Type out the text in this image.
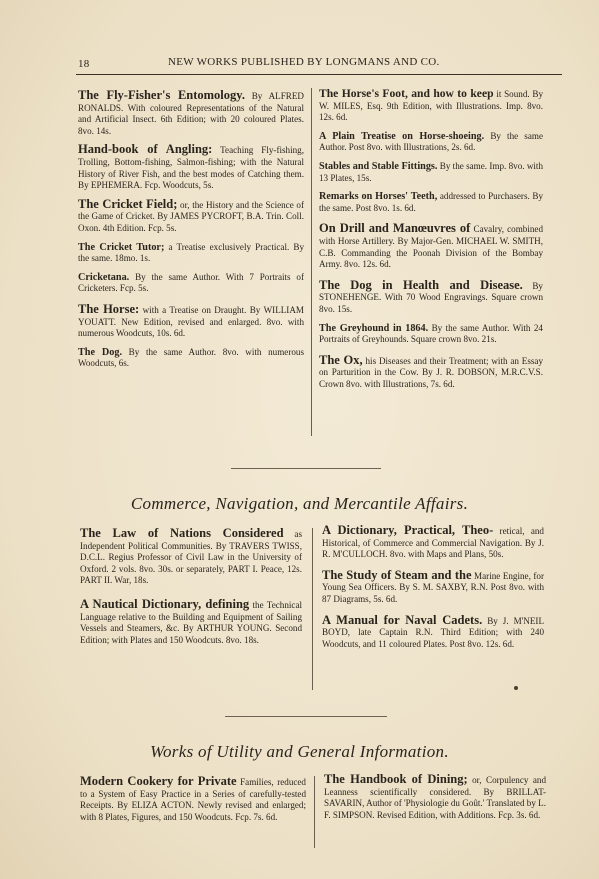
18	NEW WORKS PUBLISHED BY LONGMANS AND CO.
The Fly-Fisher's Entomology. By ALFRED RONALDS. With coloured Representations of the Natural and Artificial Insect. 6th Edition; with 20 coloured Plates. 8vo. 14s.
Hand-book of Angling: Teaching Fly-fishing, Trolling, Bottom-fishing, Salmon-fishing; with the Natural History of River Fish, and the best modes of Catching them. By EPHEMERA. Fcp. Woodcuts, 5s.
The Cricket Field; or, the History and the Science of the Game of Cricket. By JAMES PYCROFT, B.A. Trin. Coll. Oxon. 4th Edition. Fcp. 5s.
The Cricket Tutor; a Treatise exclusively Practical. By the same. 18mo. 1s.
Cricketana. By the same Author. With 7 Portraits of Cricketers. Fcp. 5s.
The Horse: with a Treatise on Draught. By WILLIAM YOUATT. New Edition, revised and enlarged. 8vo. with numerous Woodcuts, 10s. 6d.
The Dog. By the same Author. 8vo. with numerous Woodcuts, 6s.
The Horse's Foot, and how to keep it Sound. By W. MILES, Esq. 9th Edition, with Illustrations. Imp. 8vo. 12s. 6d.
A Plain Treatise on Horse-shoeing. By the same Author. Post 8vo. with Illustrations, 2s. 6d.
Stables and Stable Fittings. By the same. Imp. 8vo. with 13 Plates, 15s.
Remarks on Horses' Teeth, addressed to Purchasers. By the same. Post 8vo. 1s. 6d.
On Drill and Manœuvres of Cavalry, combined with Horse Artillery. By Major-Gen. MICHAEL W. SMITH, C.B. Commanding the Poonah Division of the Bombay Army. 8vo. 12s. 6d.
The Dog in Health and Disease. By STONEHENGE. With 70 Wood Engravings. Square crown 8vo. 15s.
The Greyhound in 1864. By the same Author. With 24 Portraits of Greyhounds. Square crown 8vo. 21s.
The Ox, his Diseases and their Treatment; with an Essay on Parturition in the Cow. By J. R. DOBSON, M.R.C.V.S. Crown 8vo. with Illustrations, 7s. 6d.
Commerce, Navigation, and Mercantile Affairs.
The Law of Nations Considered as Independent Political Communities. By TRAVERS TWISS, D.C.L. Regius Professor of Civil Law in the University of Oxford. 2 vols. 8vo. 30s. or separately, PART I. Peace, 12s. PART II. War, 18s.
A Nautical Dictionary, defining the Technical Language relative to the Building and Equipment of Sailing Vessels and Steamers, &c. By ARTHUR YOUNG. Second Edition; with Plates and 150 Woodcuts. 8vo. 18s.
A Dictionary, Practical, Theo- retical, and Historical, of Commerce and Commercial Navigation. By J. R. M'CULLOCH. 8vo. with Maps and Plans, 50s.
The Study of Steam and the Marine Engine, for Young Sea Officers. By S. M. SAXBY, R.N. Post 8vo. with 87 Diagrams, 5s. 6d.
A Manual for Naval Cadets. By J. M'NEIL BOYD, late Captain R.N. Third Edition; with 240 Woodcuts, and 11 coloured Plates. Post 8vo. 12s. 6d.
Works of Utility and General Information.
Modern Cookery for Private Families, reduced to a System of Easy Practice in a Series of carefully-tested Receipts. By ELIZA ACTON. Newly revised and enlarged; with 8 Plates, Figures, and 150 Woodcuts. Fcp. 7s. 6d.
The Handbook of Dining; or, Corpulency and Leanness scientifically considered. By BRILLAT-SAVARIN, Author of 'Physiologie du Goût.' Translated by L. F. SIMPSON. Revised Edition, with Additions. Fcp. 3s. 6d.
